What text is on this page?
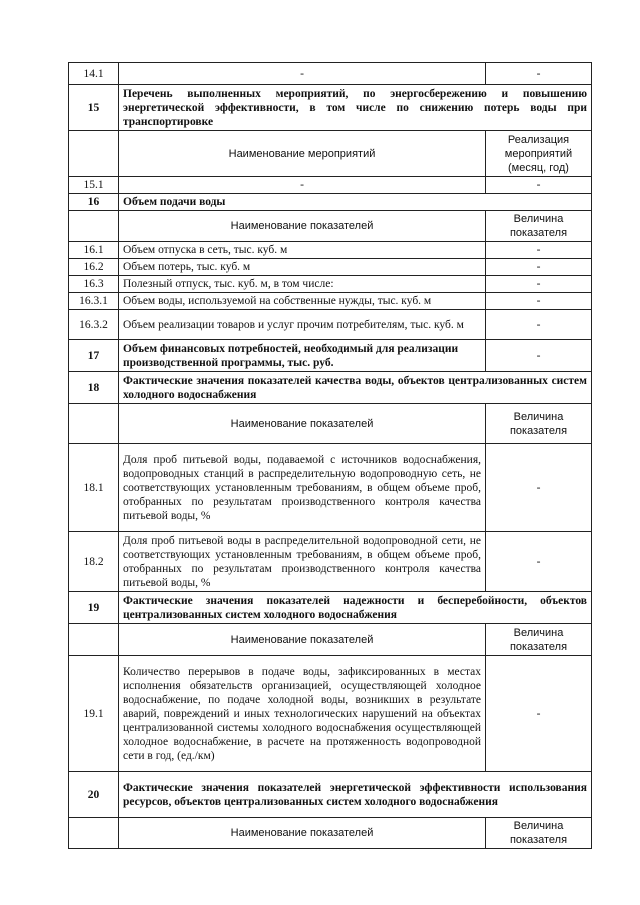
14.1	-	-
15	Перечень выполненных мероприятий, по энергосбережению и повышению энергетической эффективности, в том числе по снижению потерь воды при транспортировке	
	Наименование мероприятий	Реализация мероприятий (месяц, год)
15.1	-	-
16	Объем подачи воды	
	Наименование показателей	Величина показателя
16.1	Объем отпуска в сеть, тыс. куб. м	-
16.2	Объем потерь, тыс. куб. м	-
16.3	Полезный отпуск, тыс. куб. м, в том числе:	-
16.3.1	Объем воды, используемой на собственные нужды, тыс. куб. м	-
16.3.2	Объем реализации товаров и услуг прочим потребителям, тыс. куб. м	-
17	Объем финансовых потребностей, необходимый для реализации производственной программы, тыс. руб.	-
18	Фактические значения показателей качества воды, объектов централизованных систем холодного водоснабжения	
	Наименование показателей	Величина показателя
18.1	Доля проб питьевой воды, подаваемой с источников водоснабжения, водопроводных станций в распределительную водопроводную сеть, не соответствующих установленным требованиям, в общем объеме проб, отобранных по результатам производственного контроля качества питьевой воды, %	-
18.2	Доля проб питьевой воды в распределительной водопроводной сети, не соответствующих установленным требованиям, в общем объеме проб, отобранных по результатам производственного контроля качества питьевой воды, %	-
19	Фактические значения показателей надежности и бесперебойности, объектов централизованных систем холодного водоснабжения	
	Наименование показателей	Величина показателя
19.1	Количество перерывов в подаче воды, зафиксированных в местах исполнения обязательств организацией, осуществляющей холодное водоснабжение, по подаче холодной воды, возникших в результате аварий, повреждений и иных технологических нарушений на объектах централизованной системы холодного водоснабжения осуществляющей холодное водоснабжение, в расчете на протяженность водопроводной сети в год, (ед./км)	-
20	Фактические значения показателей энергетической эффективности использования ресурсов, объектов централизованных систем холодного водоснабжения	
	Наименование показателей	Величина показателя
